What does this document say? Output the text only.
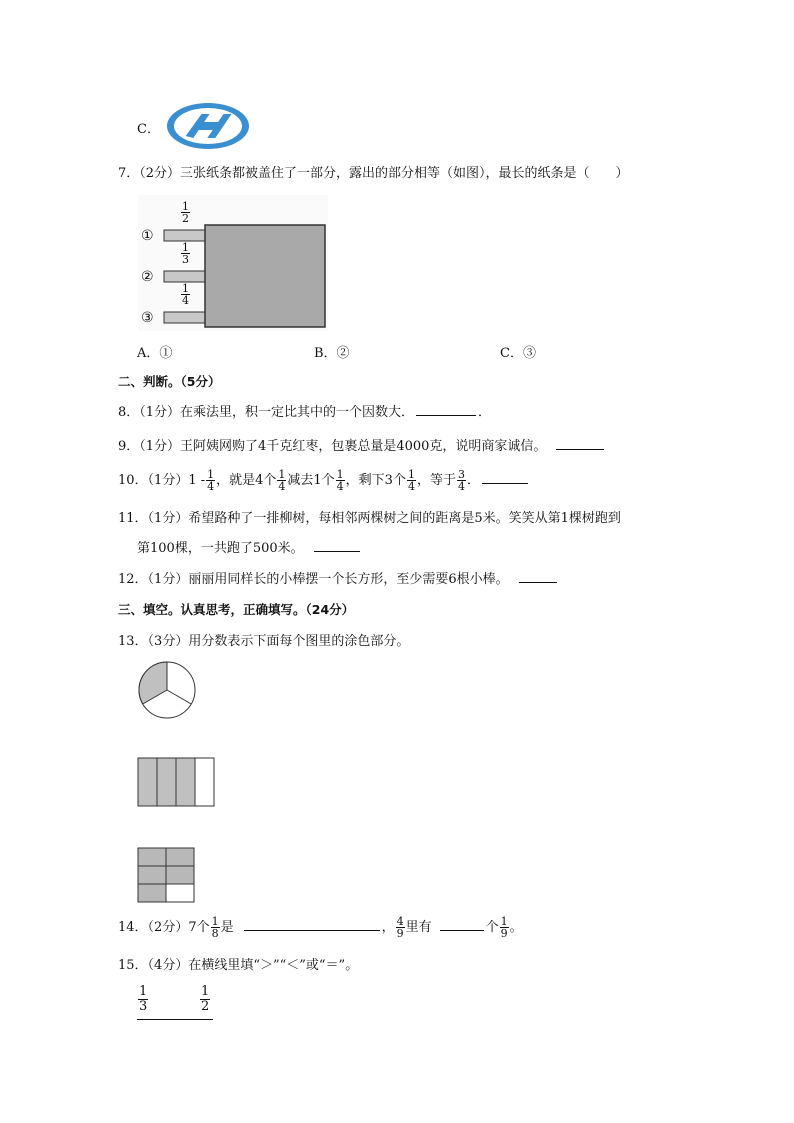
C．
7．（2分）三张纸条都被盖住了一部分，露出的部分相等（如图），最长的纸条是（　　）
①
②
③
$\frac{1}{2}$
$\frac{1}{3}$
$\frac{1}{4}$
A．①	B．②	C．③
二、判断。（5分）
8．（1分）在乘法里，积一定比其中的一个因数大．	．
9．（1分）王阿姨网购了4千克红枣，包裹总量是4000克，说明商家诚信。
10．（1分）$1 - \frac{1}{4}$ ，就是4个 $\frac{1}{4}$ 减去1个 $\frac{1}{4}$ ，剩下3个 $\frac{1}{4}$ ，等于 $\frac{3}{4}$ ．
11．（1分）希望路种了一排柳树，每相邻两棵树之间的距离是5米。笑笑从第1棵树跑到
第100棵，一共跑了500米。
12．（1分）丽丽用同样长的小棒摆一个长方形，至少需要6根小棒。
三、填空。认真思考，正确填写。（24分）
13．（3分）用分数表示下面每个图里的涂色部分。
14．（2分）7个 $\frac{1}{8}$ 是	， $\frac{4}{9}$ 里有	个 $\frac{1}{9}$ 。
15．（4分）在横线里填“＞”“＜”或“＝”。
$\frac{1}{3}$	$\frac{1}{2}$
